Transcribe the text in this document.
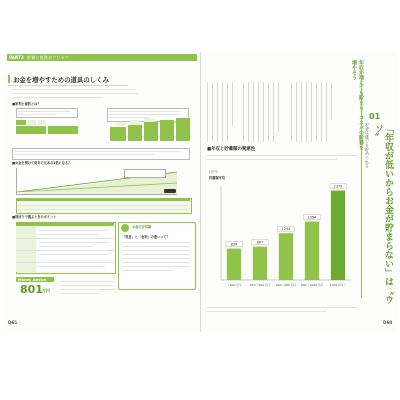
PART3 貯蓄と投資のドリセツ
お金を増やすための道具のしくみ
■単利と複利とは？
■お金を預けて何年で元本の2倍になる？
■利回りで選ぶときのポイント
お金の豆知識
「利息」と「金利」の違いって？
Money Advice
801 万円
D61
年収が増えても貯まる・コスパの貯蓄を増やそう
01
お金は誰でも貯められる	「年収が低いからお金が貯まらない」は〝ウソ〟
■年収と貯蓄額の関連性
（万円）
貯蓄額平均
834
〜400万円
887
400〜600万円
1244
600〜800万円
1554
800〜1000万円
2379
1000万円〜
D60
